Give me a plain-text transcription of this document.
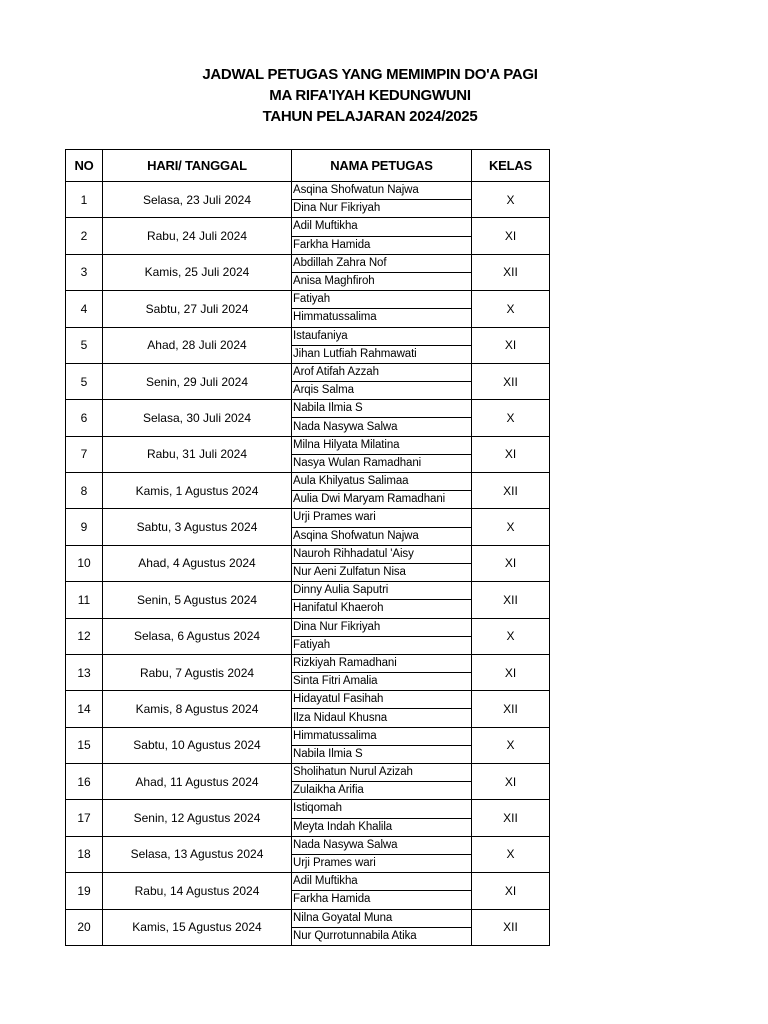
JADWAL PETUGAS YANG MEMIMPIN DO'A PAGI
MA RIFA'IYAH KEDUNGWUNI
TAHUN PELAJARAN 2024/2025
NO	HARI/ TANGGAL	NAMA PETUGAS	KELAS
1	Selasa, 23 Juli 2024	Asqina Shofwatun Najwa	X
		Dina Nur Fikriyah	
2	Rabu, 24 Juli 2024	Adil Muftikha	XI
		Farkha Hamida	
3	Kamis, 25 Juli 2024	Abdillah Zahra Nof	XII
		Anisa Maghfiroh	
4	Sabtu, 27 Juli 2024	Fatiyah	X
		Himmatussalima	
5	Ahad, 28 Juli 2024	Istaufaniya	XI
		Jihan Lutfiah Rahmawati	
5	Senin, 29 Juli 2024	Arof Atifah Azzah	XII
		Arqis Salma	
6	Selasa, 30 Juli 2024	Nabila Ilmia S	X
		Nada Nasywa Salwa	
7	Rabu, 31 Juli 2024	Milna Hilyata Milatina	XI
		Nasya Wulan Ramadhani	
8	Kamis, 1 Agustus 2024	Aula Khilyatus Salimaa	XII
		Aulia Dwi Maryam Ramadhani	
9	Sabtu, 3 Agustus 2024	Urji Prames wari	X
		Asqina Shofwatun Najwa	
10	Ahad, 4 Agustus 2024	Nauroh Rihhadatul 'Aisy	XI
		Nur Aeni Zulfatun Nisa	
11	Senin, 5 Agustus 2024	Dinny Aulia Saputri	XII
		Hanifatul Khaeroh	
12	Selasa, 6 Agustus 2024	Dina Nur Fikriyah	X
		Fatiyah	
13	Rabu, 7 Agustis 2024	Rizkiyah Ramadhani	XI
		Sinta Fitri Amalia	
14	Kamis, 8 Agustus 2024	Hidayatul Fasihah	XII
		Ilza Nidaul Khusna	
15	Sabtu, 10 Agustus 2024	Himmatussalima	X
		Nabila Ilmia S	
16	Ahad, 11 Agustus 2024	Sholihatun Nurul Azizah	XI
		Zulaikha Arifia	
17	Senin, 12 Agustus 2024	Istiqomah	XII
		Meyta Indah Khalila	
18	Selasa, 13 Agustus 2024	Nada Nasywa Salwa	X
		Urji Prames wari	
19	Rabu, 14 Agustus 2024	Adil Muftikha	XI
		Farkha Hamida	
20	Kamis, 15 Agustus 2024	Nilna Goyatal Muna	XII
		Nur Qurrotunnabila Atika	
